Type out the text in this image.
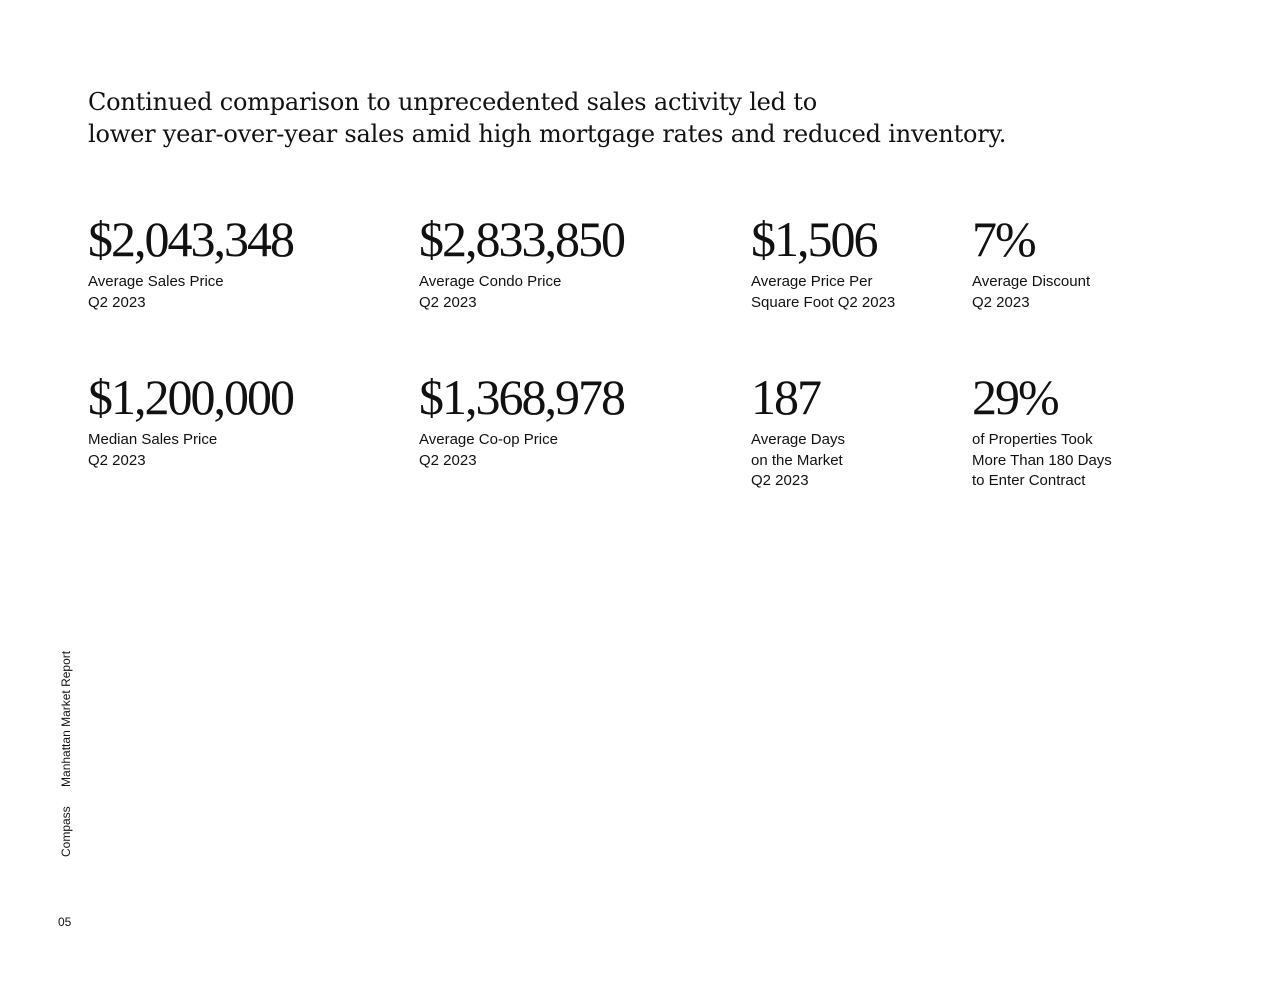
Continued comparison to unprecedented sales activity led to
lower year-over-year sales amid high mortgage rates and reduced inventory.
$2,043,348
Average Sales Price
Q2 2023
$2,833,850
Average Condo Price
Q2 2023
$1,506
Average Price Per
Square Foot Q2 2023
7%
Average Discount
Q2 2023
$1,200,000
Median Sales Price
Q2 2023
$1,368,978
Average Co-op Price
Q2 2023
187
Average Days
on the Market
Q2 2023
29%
of Properties Took
More Than 180 Days
to Enter Contract
Compass Manhattan Market Report
05
